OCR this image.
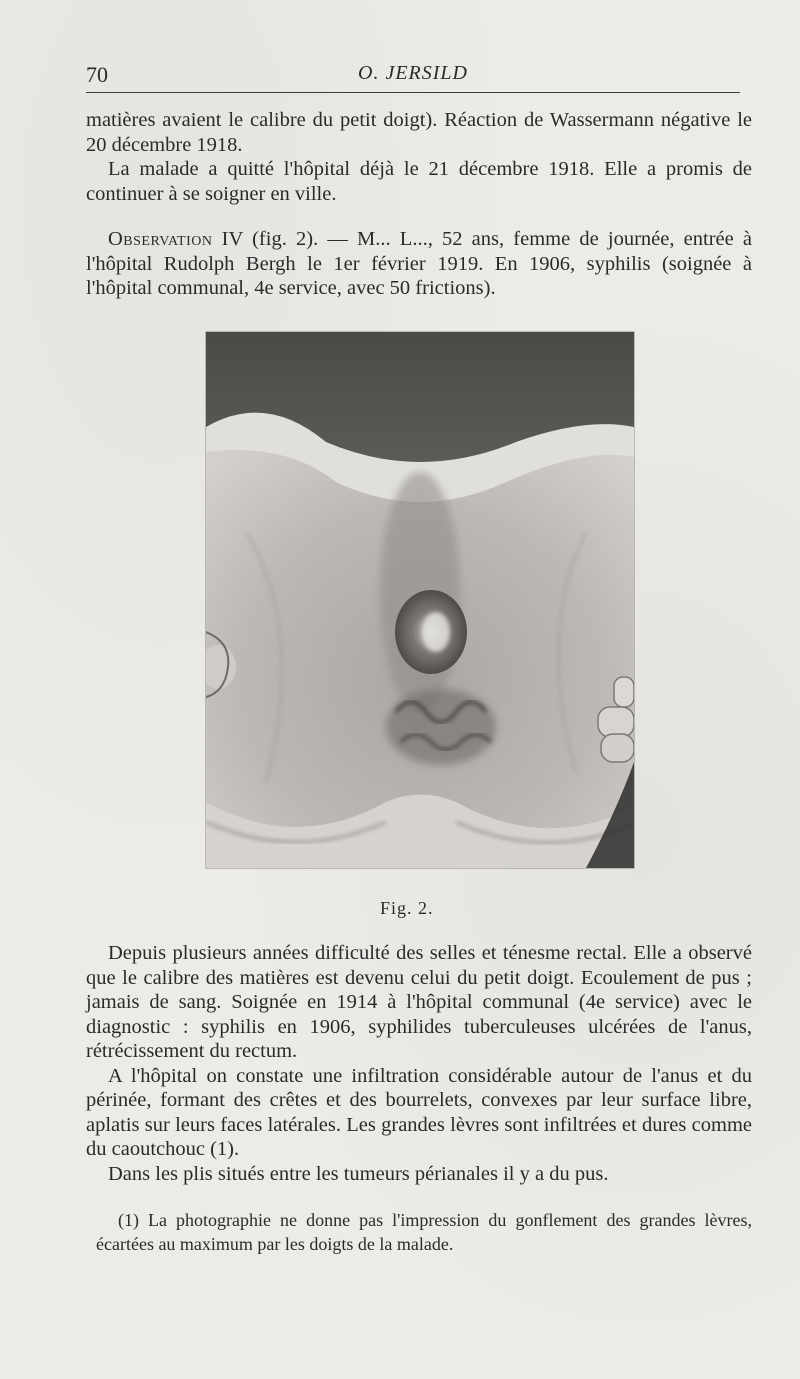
70	O. JERSILD

matières avaient le calibre du petit doigt). Réaction de Wassermann négative le 20 décembre 1918.

La malade a quitté l'hôpital déjà le 21 décembre 1918. Elle a promis de continuer à se soigner en ville.

Observation IV (fig. 2). — M... L..., 52 ans, femme de journée, entrée à l'hôpital Rudolph Bergh le 1er février 1919. En 1906, syphilis (soignée à l'hôpital communal, 4e service, avec 50 frictions).
Fig. 2.

Depuis plusieurs années difficulté des selles et ténesme rectal. Elle a observé que le calibre des matières est devenu celui du petit doigt. Ecoulement de pus ; jamais de sang. Soignée en 1914 à l'hôpital communal (4e service) avec le diagnostic : syphilis en 1906, syphilides tuberculeuses ulcérées de l'anus, rétrécissement du rectum.

A l'hôpital on constate une infiltration considérable autour de l'anus et du périnée, formant des crêtes et des bourrelets, convexes par leur surface libre, aplatis sur leurs faces latérales. Les grandes lèvres sont infiltrées et dures comme du caoutchouc (1).

Dans les plis situés entre les tumeurs périanales il y a du pus.

(1) La photographie ne donne pas l'impression du gonflement des grandes lèvres, écartées au maximum par les doigts de la malade.
